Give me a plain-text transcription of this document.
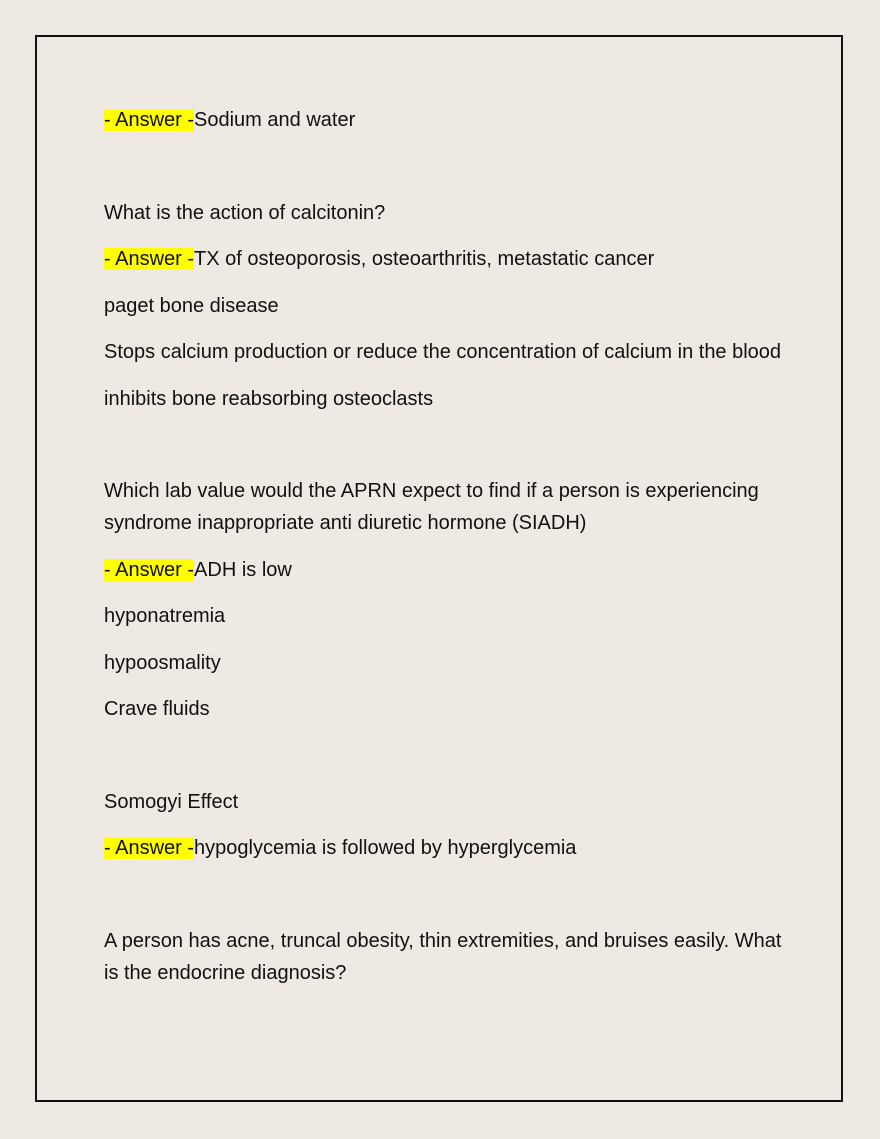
- Answer -Sodium and water
What is the action of calcitonin?
- Answer -TX of osteoporosis, osteoarthritis, metastatic cancer
paget bone disease
Stops calcium production or reduce the concentration of calcium in the blood
inhibits bone reabsorbing osteoclasts
Which lab value would the APRN expect to find if a person is experiencing syndrome inappropriate anti diuretic hormone (SIADH)
- Answer -ADH is low
hyponatremia
hypoosmality
Crave fluids
Somogyi Effect
- Answer -hypoglycemia is followed by hyperglycemia
A person has acne, truncal obesity, thin extremities, and bruises easily. What is the endocrine diagnosis?
